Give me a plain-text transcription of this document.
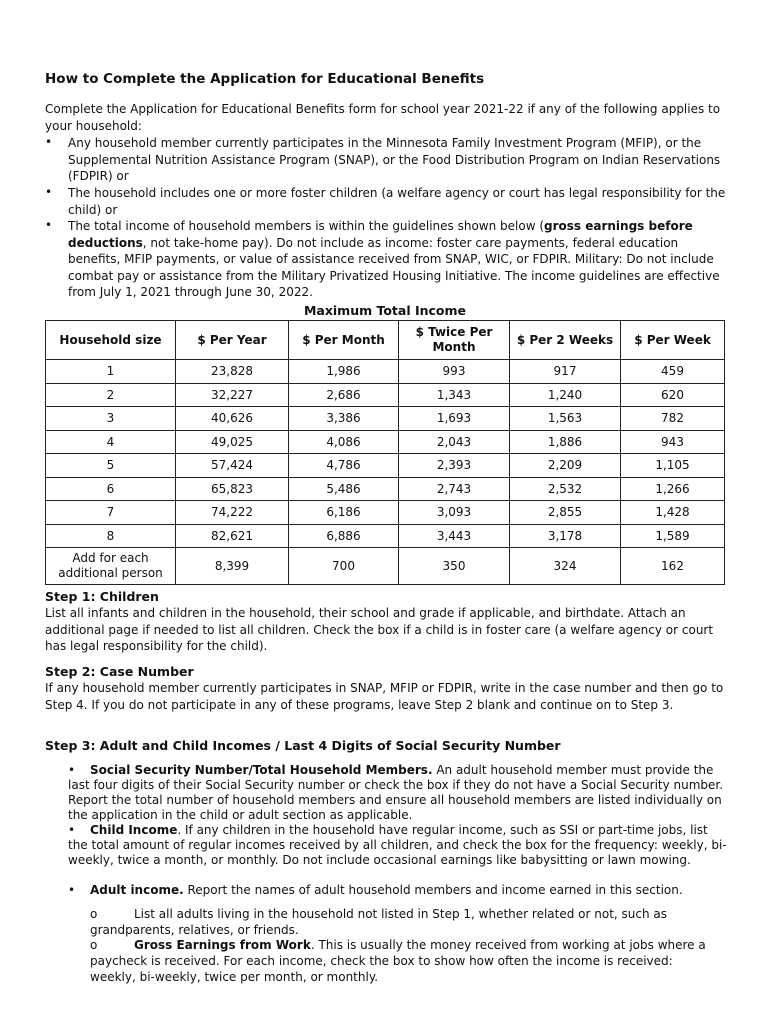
How to Complete the Application for Educational Benefits

Complete the Application for Educational Benefits form for school year 2021-22 if any of the following applies to your household:

• Any household member currently participates in the Minnesota Family Investment Program (MFIP), or the Supplemental Nutrition Assistance Program (SNAP), or the Food Distribution Program on Indian Reservations (FDPIR) or
• The household includes one or more foster children (a welfare agency or court has legal responsibility for the child) or
• The total income of household members is within the guidelines shown below (gross earnings before deductions, not take-home pay). Do not include as income: foster care payments, federal education benefits, MFIP payments, or value of assistance received from SNAP, WIC, or FDPIR. Military: Do not include combat pay or assistance from the Military Privatized Housing Initiative. The income guidelines are effective from July 1, 2021 through June 30, 2022.
Maximum Total Income
Household size	$ Per Year	$ Per Month	$ Twice Per Month	$ Per 2 Weeks	$ Per Week
1	23,828	1,986	993	917	459
2	32,227	2,686	1,343	1,240	620
3	40,626	3,386	1,693	1,563	782
4	49,025	4,086	2,043	1,886	943
5	57,424	4,786	2,393	2,209	1,105
6	65,823	5,486	2,743	2,532	1,266
7	74,222	6,186	3,093	2,855	1,428
8	82,621	6,886	3,443	3,178	1,589
Add for each additional person	8,399	700	350	324	162
Step 1: Children

List all infants and children in the household, their school and grade if applicable, and birthdate. Attach an additional page if needed to list all children. Check the box if a child is in foster care (a welfare agency or court has legal responsibility for the child).

Step 2: Case Number

If any household member currently participates in SNAP, MFIP or FDPIR, write in the case number and then go to Step 4. If you do not participate in any of these programs, leave Step 2 blank and continue on to Step 3.

Step 3: Adult and Child Incomes / Last 4 Digits of Social Security Number
•	Social Security Number/Total Household Members. An adult household member must provide the last four digits of their Social Security number or check the box if they do not have a Social Security number. Report the total number of household members and ensure all household members are listed individually on the application in the child or adult section as applicable.
•	Child Income. If any children in the household have regular income, such as SSI or part-time jobs, list the total amount of regular incomes received by all children, and check the box for the frequency: weekly, bi-weekly, twice a month, or monthly. Do not include occasional earnings like babysitting or lawn mowing.
•	Adult income. Report the names of adult household members and income earned in this section.
o	List all adults living in the household not listed in Step 1, whether related or not, such as grandparents, relatives, or friends.
o	Gross Earnings from Work. This is usually the money received from working at jobs where a paycheck is received. For each income, check the box to show how often the income is received: weekly, bi-weekly, twice per month, or monthly.
